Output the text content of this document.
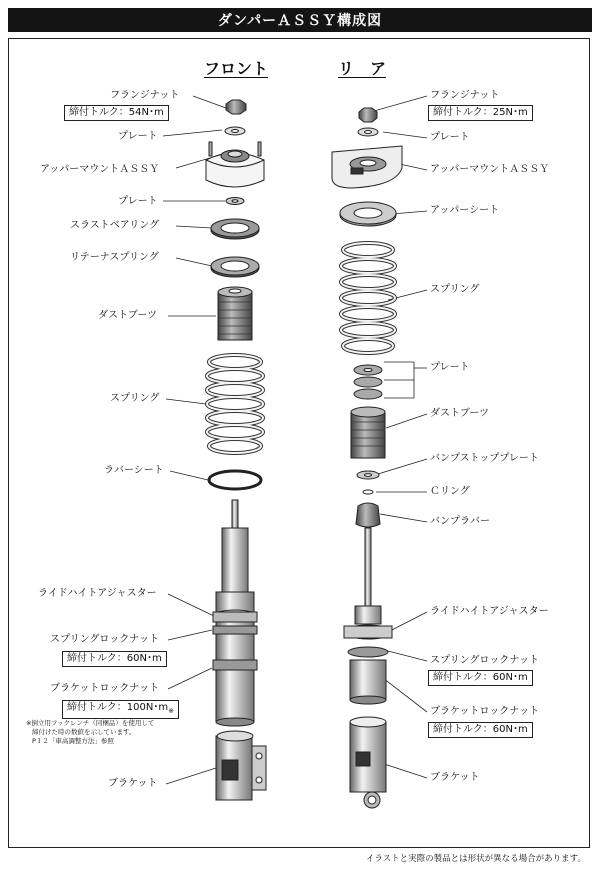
ダンパーＡＳＳＹ構成図
フロント	リ　ア
フランジナット
締付トルク：54N･m
プレート
アッパーマウントＡＳＳＹ
プレート
スラストベアリング
リテーナスプリング
ダストブーツ
スプリング
ラバーシート
ライドハイトアジャスター
スプリングロックナット
締付トルク：60N･m
ブラケットロックナット
締付トルク：100N･$m_※$
※倒立用フックレンチ（同梱品）を使用して
締付けた時の数値を示しています。
P１２「車高調整方法」参照
ブラケット
フランジナット
締付トルク：25N･m
プレート
アッパーマウントＡＳＳＹ
アッパーシート
スプリング
プレート
ダストブーツ
バンプストッププレート
Ｃリング
バンプラバー
ライドハイトアジャスター
スプリングロックナット
締付トルク：60N･m
ブラケットロックナット
締付トルク：60N･m
ブラケット
イラストと実際の製品とは形状が異なる場合があります。
